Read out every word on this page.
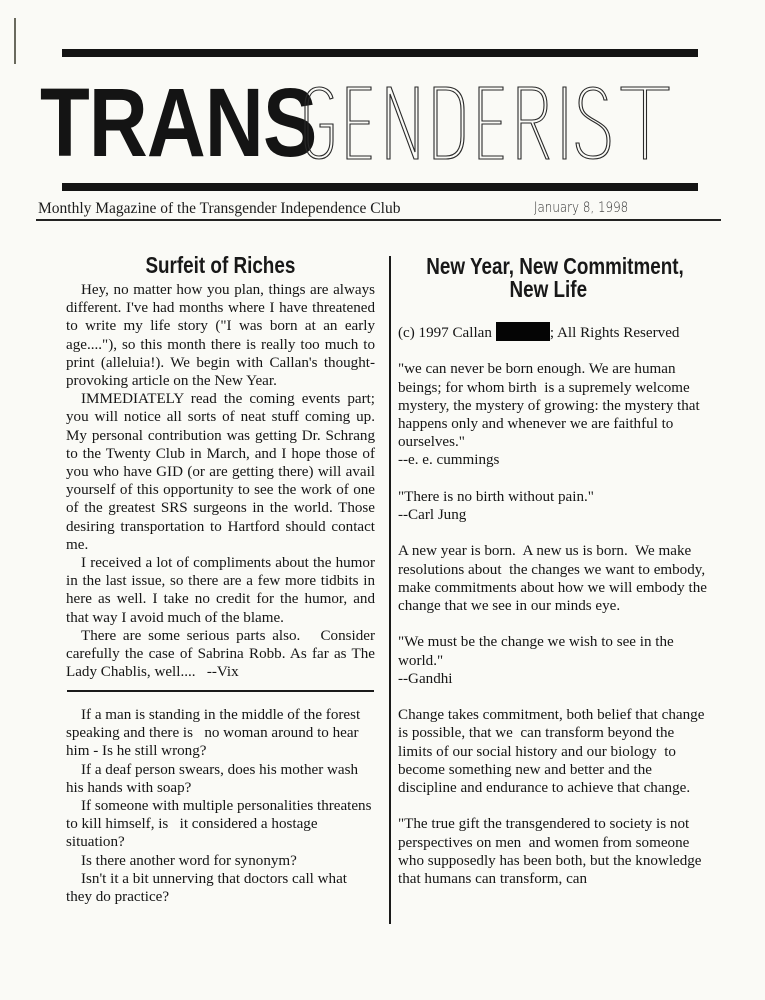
TRANS
Monthly Magazine of the Transgender Independence Club	January 8, 1998
Surfeit of Riches

Hey, no matter how you plan, things are always different. I've had months where I have threatened to write my life story ("I was born at an early age...."), so this month there is really too much to print (alleluia!). We begin with Callan's thought-provoking article on the New Year.

IMMEDIATELY read the coming events part; you will notice all sorts of neat stuff coming up. My personal contribution was getting Dr. Schrang to the Twenty Club in March, and I hope those of you who have GID (or are getting there) will avail yourself of this opportunity to see the work of one of the greatest SRS surgeons in the world. Those desiring transportation to Hartford should contact me.

I received a lot of compliments about the humor in the last issue, so there are a few more tidbits in here as well. I take no credit for the humor, and that way I avoid much of the blame.

There are some serious parts also.   Consider carefully the case of Sabrina Robb. As far as The Lady Chablis, well....   --Vix

If a man is standing in the middle of the forest speaking and there is   no woman around to hear him - Is he still wrong?

If a deaf person swears, does his mother wash his hands with soap?

If someone with multiple personalities threatens to kill himself, is   it considered a hostage situation?

Is there another word for synonym?

Isn't it a bit unnerving that doctors call what they do practice?

New Year, New Commitment,
New Life

(c) 1997 Callan	; All Rights Reserved

"we can never be born enough. We are human beings; for whom birth  is a supremely welcome mystery, the mystery of growing: the mystery that happens only and whenever we are faithful to ourselves."

--e. e. cummings

"There is no birth without pain."

--Carl Jung

A new year is born.  A new us is born.  We make resolutions about  the changes we want to embody, make commitments about how we will embody the change that we see in our minds eye.

"We must be the change we wish to see in the world."

--Gandhi

Change takes commitment, both belief that change is possible, that we  can transform beyond the limits of our social history and our biology  to become something new and better and the discipline and endurance to achieve that change.

"The true gift the transgendered to society is not perspectives on men  and women from someone who supposedly has been both, but the knowledge that humans can transform, can
